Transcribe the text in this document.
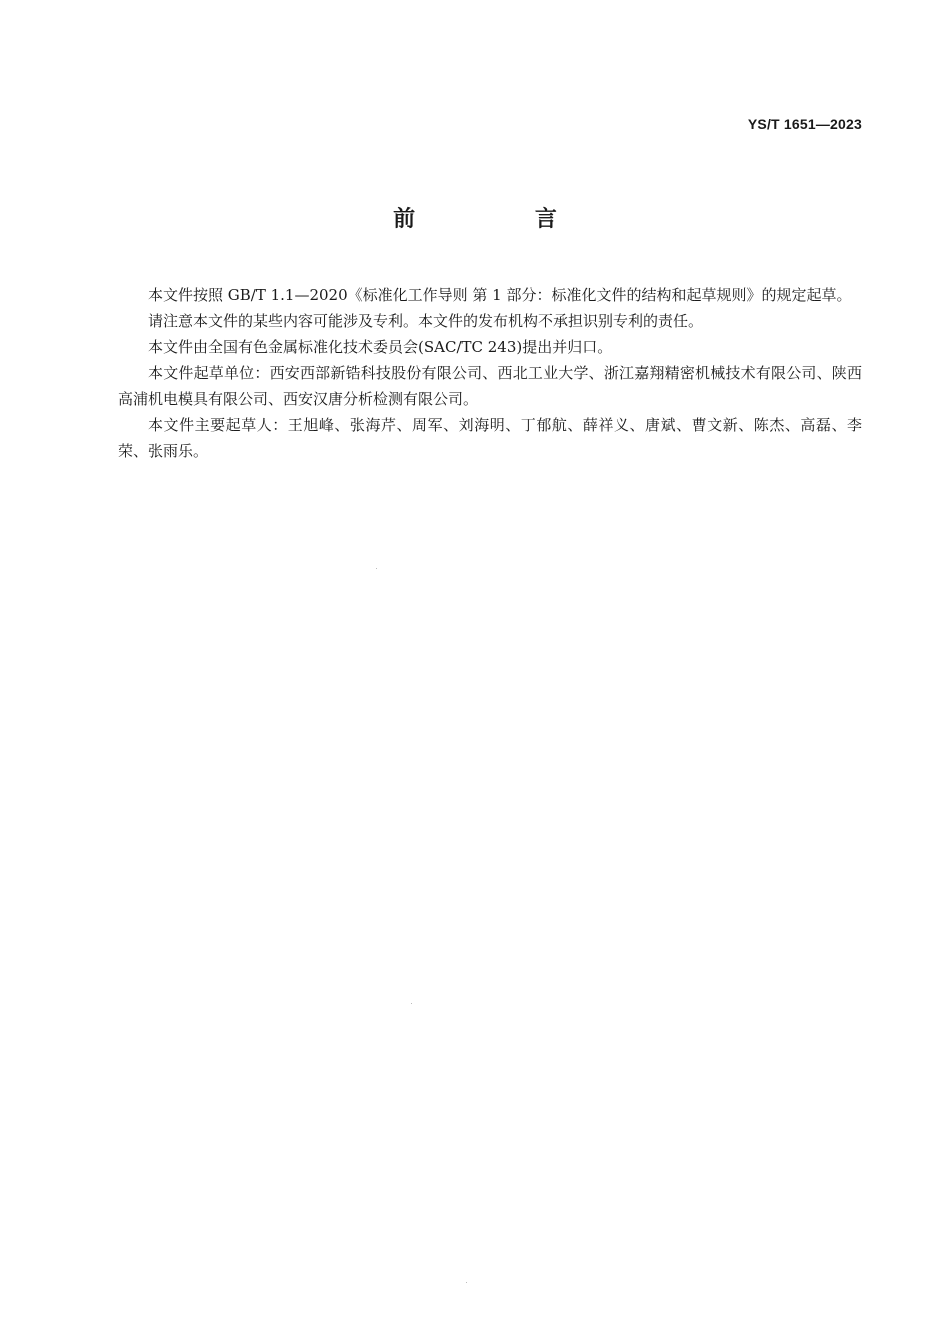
YS/T 1651—2023
前 言

本文件按照 GB/T 1.1—2020《标准化工作导则 第 1 部分：标准化文件的结构和起草规则》的规定起草。

请注意本文件的某些内容可能涉及专利。本文件的发布机构不承担识别专利的责任。

本文件由全国有色金属标准化技术委员会(SAC/TC 243)提出并归口。

本文件起草单位：西安西部新锆科技股份有限公司、西北工业大学、浙江嘉翔精密机械技术有限公司、陕西高浦机电模具有限公司、西安汉唐分析检测有限公司。

本文件主要起草人：王旭峰、张海芹、周军、刘海明、丁郁航、薛祥义、唐斌、曹文新、陈杰、高磊、李荣、张雨乐。
